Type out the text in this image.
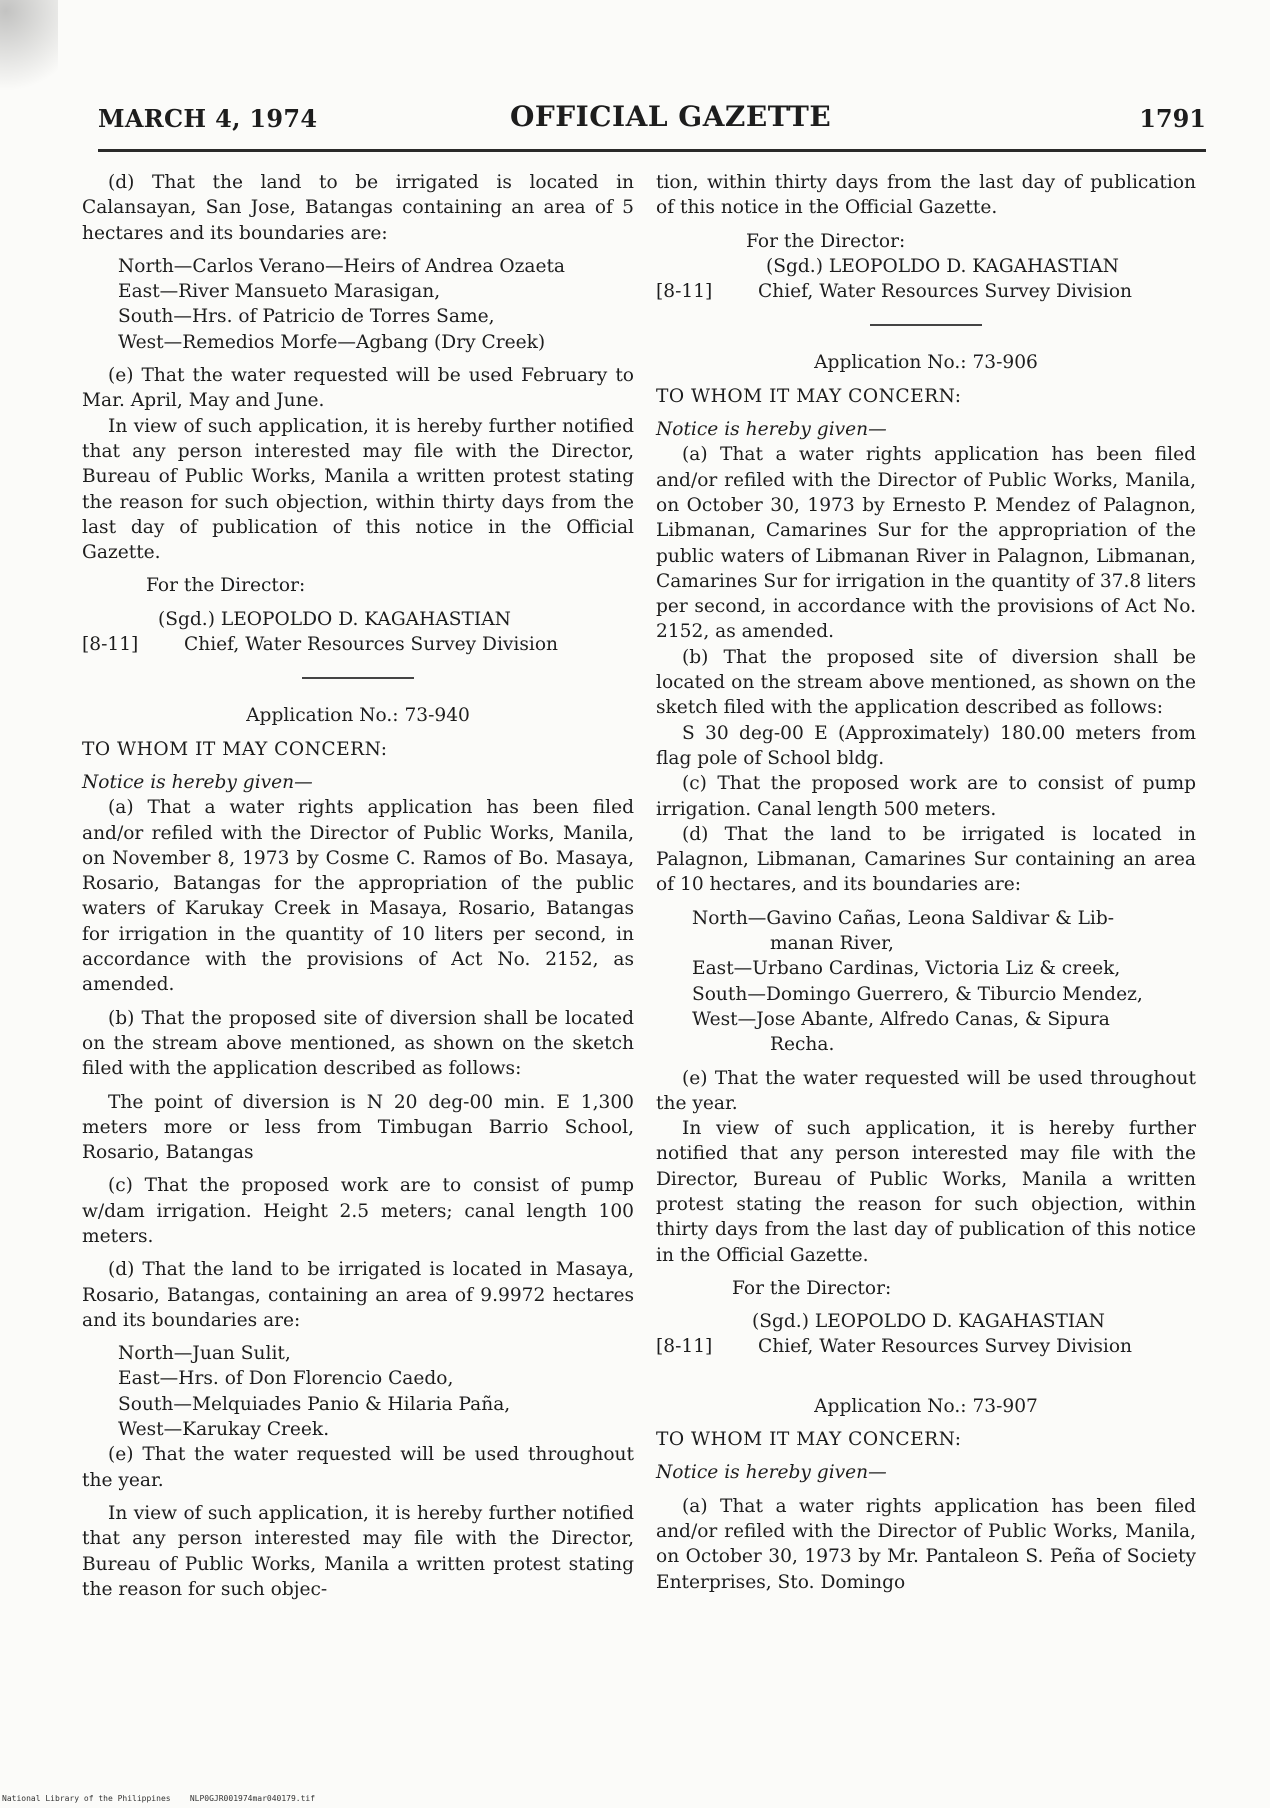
MARCH 4, 1974	OFFICIAL GAZETTE	1791

(d) That the land to be irrigated is located in Calansayan, San Jose, Batangas containing an area of 5 hectares and its boundaries are:

North—Carlos Verano—Heirs of Andrea Ozaeta
East—River Mansueto Marasigan,
South—Hrs. of Patricio de Torres Same,
West—Remedios Morfe—Agbang (Dry Creek)

(e) That the water requested will be used February to Mar. April, May and June.

In view of such application, it is hereby further notified that any person interested may file with the Director, Bureau of Public Works, Manila a written protest stating the reason for such objection, within thirty days from the last day of publication of this notice in the Official Gazette.

For the Director:

(Sgd.) LEOPOLDO D. KAGAHASTIAN

[8-11]	Chief, Water Resources Survey Division

Application No.: 73-940

TO WHOM IT MAY CONCERN:

Notice is hereby given—

(a) That a water rights application has been filed and/or refiled with the Director of Public Works, Manila, on November 8, 1973 by Cosme C. Ramos of Bo. Masaya, Rosario, Batangas for the appropriation of the public waters of Karukay Creek in Masaya, Rosario, Batangas for irrigation in the quantity of 10 liters per second, in accordance with the provisions of Act No. 2152, as amended.

(b) That the proposed site of diversion shall be located on the stream above mentioned, as shown on the sketch filed with the application described as follows:

The point of diversion is N 20 deg-00 min. E 1,300 meters more or less from Timbugan Barrio School, Rosario, Batangas

(c) That the proposed work are to consist of pump w/dam irrigation. Height 2.5 meters; canal length 100 meters.

(d) That the land to be irrigated is located in Masaya, Rosario, Batangas, containing an area of 9.9972 hectares and its boundaries are:

North—Juan Sulit,
East—Hrs. of Don Florencio Caedo,
South—Melquiades Panio & Hilaria Paña,
West—Karukay Creek.

(e) That the water requested will be used throughout the year.

In view of such application, it is hereby further notified that any person interested may file with the Director, Bureau of Public Works, Manila a written protest stating the reason for such objec-

tion, within thirty days from the last day of publication of this notice in the Official Gazette.

For the Director:

(Sgd.) LEOPOLDO D. KAGAHASTIAN

[8-11]	Chief, Water Resources Survey Division

Application No.: 73-906

TO WHOM IT MAY CONCERN:

Notice is hereby given—

(a) That a water rights application has been filed and/or refiled with the Director of Public Works, Manila, on October 30, 1973 by Ernesto P. Mendez of Palagnon, Libmanan, Camarines Sur for the appropriation of the public waters of Libmanan River in Palagnon, Libmanan, Camarines Sur for irrigation in the quantity of 37.8 liters per second, in accordance with the provisions of Act No. 2152, as amended.

(b) That the proposed site of diversion shall be located on the stream above mentioned, as shown on the sketch filed with the application described as follows:

S 30 deg-00 E (Approximately) 180.00 meters from flag pole of School bldg.

(c) That the proposed work are to consist of pump irrigation. Canal length 500 meters.

(d) That the land to be irrigated is located in Palagnon, Libmanan, Camarines Sur containing an area of 10 hectares, and its boundaries are:

North—Gavino Cañas, Leona Saldivar & Lib-
manan River,
East—Urbano Cardinas, Victoria Liz & creek,
South—Domingo Guerrero, & Tiburcio Mendez,
West—Jose Abante, Alfredo Canas, & Sipura
Recha.

(e) That the water requested will be used throughout the year.

In view of such application, it is hereby further notified that any person interested may file with the Director, Bureau of Public Works, Manila a written protest stating the reason for such objection, within thirty days from the last day of publication of this notice in the Official Gazette.

For the Director:

(Sgd.) LEOPOLDO D. KAGAHASTIAN

[8-11]	Chief, Water Resources Survey Division

Application No.: 73-907

TO WHOM IT MAY CONCERN:

Notice is hereby given—

(a) That a water rights application has been filed and/or refiled with the Director of Public Works, Manila, on October 30, 1973 by Mr. Pantaleon S. Peña of Society Enterprises, Sto. Domingo

National Library of the Philippines    NLP0GJR001974mar040179.tif
